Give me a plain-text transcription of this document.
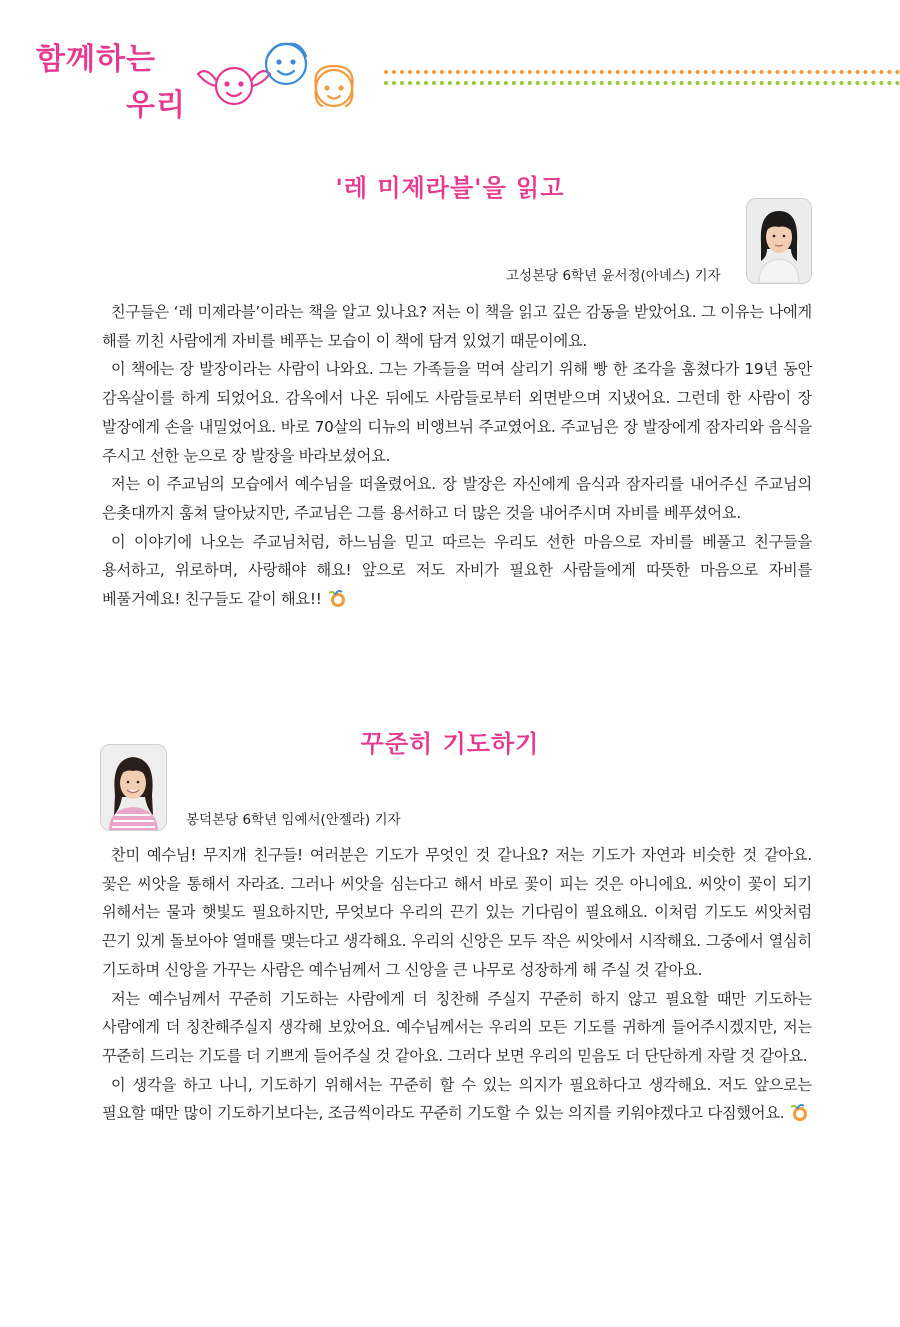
함께하는
우리
'레 미제라블'을 읽고
고성본당 6학년 윤서정(아녜스) 기자

친구들은 ‘레 미제라블’이라는 책을 알고 있나요? 저는 이 책을 읽고 깊은 감동을 받았어요. 그 이유는 나에게 해를 끼친 사람에게 자비를 베푸는 모습이 이 책에 담겨 있었기 때문이에요.

이 책에는 장 발장이라는 사람이 나와요. 그는 가족들을 먹여 살리기 위해 빵 한 조각을 훔쳤다가 19년 동안 감옥살이를 하게 되었어요. 감옥에서 나온 뒤에도 사람들로부터 외면받으며 지냈어요. 그런데 한 사람이 장 발장에게 손을 내밀었어요. 바로 70살의 디뉴의 비앵브뉘 주교였어요. 주교님은 장 발장에게 잠자리와 음식을 주시고 선한 눈으로 장 발장을 바라보셨어요.

저는 이 주교님의 모습에서 예수님을 떠올렸어요. 장 발장은 자신에게 음식과 잠자리를 내어주신 주교님의 은촛대까지 훔쳐 달아났지만, 주교님은 그를 용서하고 더 많은 것을 내어주시며 자비를 베푸셨어요.

이 이야기에 나오는 주교님처럼, 하느님을 믿고 따르는 우리도 선한 마음으로 자비를 베풀고 친구들을 용서하고, 위로하며, 사랑해야 해요! 앞으로 저도 자비가 필요한 사람들에게 따뜻한 마음으로 자비를 베풀거예요! 친구들도 같이 해요!!

꾸준히 기도하기
봉덕본당 6학년 임예서(안젤라) 기자

찬미 예수님! 무지개 친구들! 여러분은 기도가 무엇인 것 같나요? 저는 기도가 자연과 비슷한 것 같아요. 꽃은 씨앗을 통해서 자라죠. 그러나 씨앗을 심는다고 해서 바로 꽃이 피는 것은 아니에요. 씨앗이 꽃이 되기 위해서는 물과 햇빛도 필요하지만, 무엇보다 우리의 끈기 있는 기다림이 필요해요. 이처럼 기도도 씨앗처럼 끈기 있게 돌보아야 열매를 맺는다고 생각해요. 우리의 신앙은 모두 작은 씨앗에서 시작해요. 그중에서 열심히 기도하며 신앙을 가꾸는 사람은 예수님께서 그 신앙을 큰 나무로 성장하게 해 주실 것 같아요.

저는 예수님께서 꾸준히 기도하는 사람에게 더 칭찬해 주실지 꾸준히 하지 않고 필요할 때만 기도하는 사람에게 더 칭찬해주실지 생각해 보았어요. 예수님께서는 우리의 모든 기도를 귀하게 들어주시겠지만, 저는 꾸준히 드리는 기도를 더 기쁘게 들어주실 것 같아요. 그러다 보면 우리의 믿음도 더 단단하게 자랄 것 같아요.

이 생각을 하고 나니, 기도하기 위해서는 꾸준히 할 수 있는 의지가 필요하다고 생각해요. 저도 앞으로는 필요할 때만 많이 기도하기보다는, 조금씩이라도 꾸준히 기도할 수 있는 의지를 키워야겠다고 다짐했어요.
